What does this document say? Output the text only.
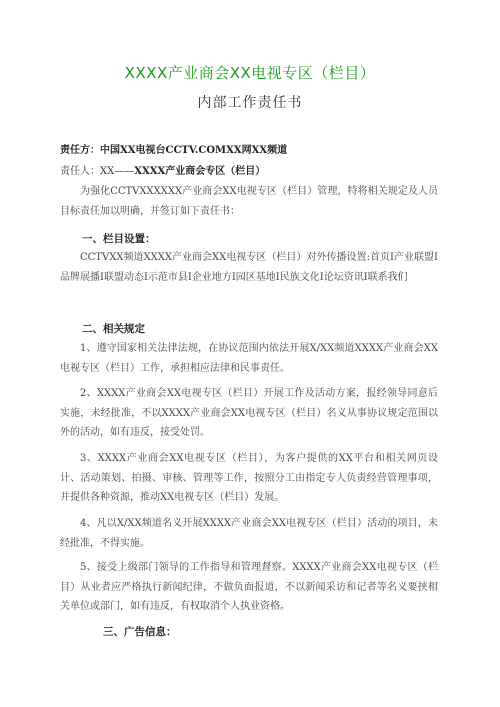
XXXX产业商会XX电视专区（栏目）
内部工作责任书
责任方：中国XX电视台CCTV.COMXX网XX频道
责任人：XX——XXXX产业商会专区（栏目）
为强化CCTVXXXXXX产业商会XX电视专区（栏目）管理，特将相关规定及人员目标责任加以明确，并签订如下责任书：
一、栏目设置：
CCTVXX频道XXXX产业商会XX电视专区（栏目）对外传播设置:首页I产业联盟I品牌展播I联盟动态I示范市县I企业地方I园区基地I民族文化I论坛资讯I联系我们
二、相关规定
1、遵守国家相关法律法规，在协议范围内依法开展X/XX频道XXXX产业商会XX电视专区（栏目）工作，承担相应法律和民事责任。
2、XXXX产业商会XX电视专区（栏目）开展工作及活动方案，报经领导同意后实施，未经批准，不以XXXX产业商会XX电视专区（栏目）名义从事协议规定范围以外的活动，如有违反，接受处罚。
3、XXXX产业商会XX电视专区（栏目），为客户提供的XX平台和相关网页设计、活动策划、拍摄、审核、管理等工作，按照分工由指定专人负责经营管理事项，并提供各种资源，推动XX电视专区（栏目）发展。
4、凡以X/XX频道名义开展XXXX产业商会XX电视专区（栏目）活动的项目，未经批准，不得实施。
5、接受上级部门领导的工作指导和管理督察。XXXX产业商会XX电视专区（栏目）从业者应严格执行新闻纪律，不做负面报道，不以新闻采访和记者等名义要挟相关单位或部门，如有违反，有权取消个人执业资格。
三、广告信息：
